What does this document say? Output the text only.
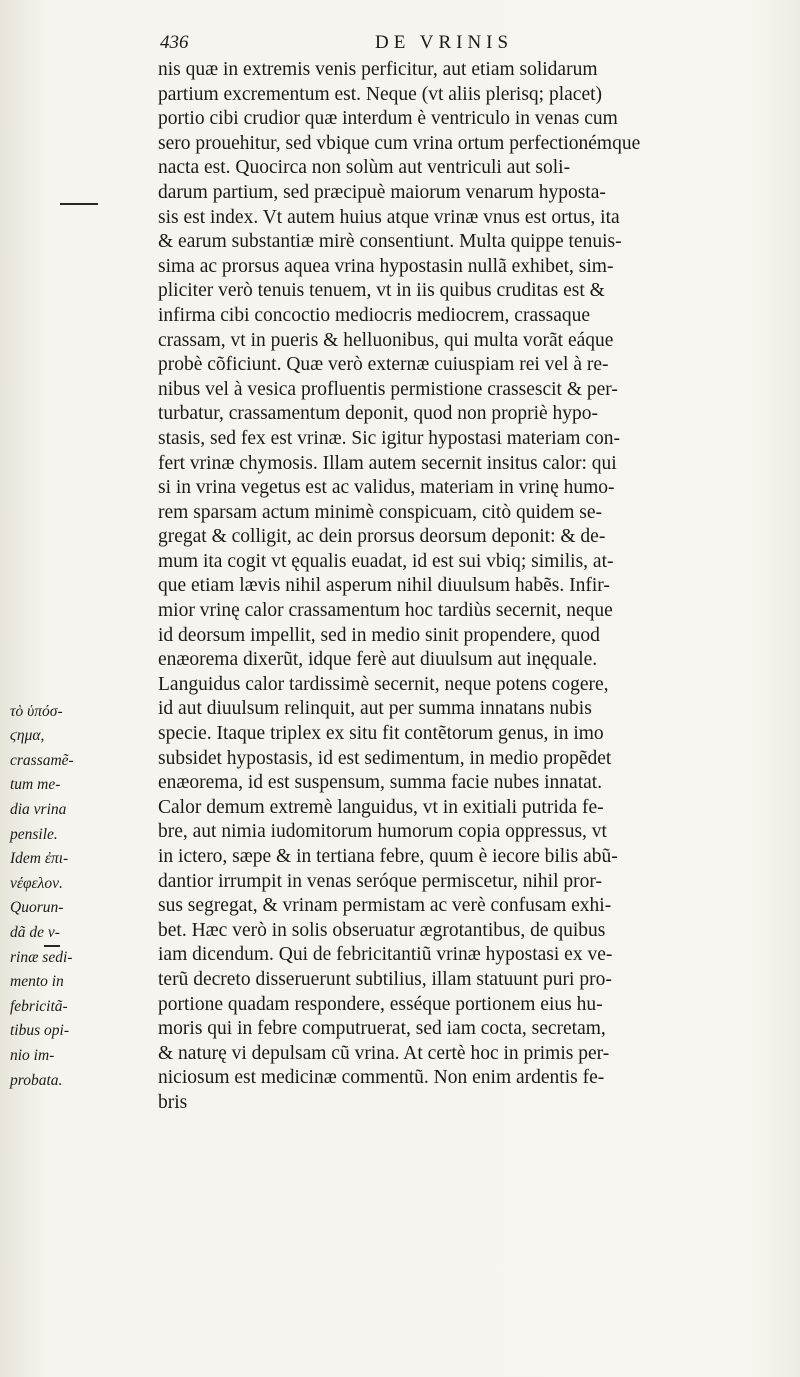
436	DE VRINIS
τὸ ὑπόσ-
ϛημα,
crassamẽ-
tum me-
dia vrina
pensile.
Idem ἐπι-
νέφελον.
Quorun-
dã de v-
rinæ sedi-
mento in
febricitã-
tibus opi-
nio im-
probata.
nis quæ in extremis venis perficitur, aut etiam solidarum
partium excrementum est. Neque (vt aliis plerisq; placet)
portio cibi crudior quæ interdum è ventriculo in venas cum
sero prouehitur, sed vbique cum vrina ortum perfectionémque
nacta est. Quocirca non solùm aut ventriculi aut soli-
darum partium, sed præcipuè maiorum venarum hyposta-
sis est index. Vt autem huius atque vrinæ vnus est ortus, ita
& earum substantiæ mirè consentiunt. Multa quippe tenuis-
sima ac prorsus aquea vrina hypostasin nullã exhibet, sim-
pliciter verò tenuis tenuem, vt in iis quibus cruditas est &
infirma cibi concoctio mediocris mediocrem, crassaque
crassam, vt in pueris & helluonibus, qui multa vorãt eáque
probè cõficiunt. Quæ verò externæ cuiuspiam rei vel à re-
nibus vel à vesica profluentis permistione crassescit & per-
turbatur, crassamentum deponit, quod non propriè hypo-
stasis, sed fex est vrinæ. Sic igitur hypostasi materiam con-
fert vrinæ chymosis. Illam autem secernit insitus calor: qui
si in vrina vegetus est ac validus, materiam in vrinę humo-
rem sparsam actum minimè conspicuam, citò quidem se-
gregat & colligit, ac dein prorsus deorsum deponit: & de-
mum ita cogit vt ęqualis euadat, id est sui vbiq; similis, at-
que etiam lævis nihil asperum nihil diuulsum habẽs. Infir-
mior vrinę calor crassamentum hoc tardiùs secernit, neque
id deorsum impellit, sed in medio sinit propendere, quod
enæorema dixerũt, idque ferè aut diuulsum aut inęquale.
Languidus calor tardissimè secernit, neque potens cogere,
id aut diuulsum relinquit, aut per summa innatans nubis
specie. Itaque triplex ex situ fit contẽtorum genus, in imo
subsidet hypostasis, id est sedimentum, in medio propẽdet
enæorema, id est suspensum, summa facie nubes innatat.
Calor demum extremè languidus, vt in exitiali putrida fe-
bre, aut nimia iudomitorum humorum copia oppressus, vt
in ictero, sæpe & in tertiana febre, quum è iecore bilis abũ-
dantior irrumpit in venas seróque permiscetur, nihil pror-
sus segregat, & vrinam permistam ac verè confusam exhi-
bet. Hæc verò in solis obseruatur ægrotantibus, de quibus
iam dicendum. Qui de febricitantiũ vrinæ hypostasi ex ve-
terũ decreto disseruerunt subtilius, illam statuunt puri pro-
portione quadam respondere, esséque portionem eius hu-
moris qui in febre computruerat, sed iam cocta, secretam,
& naturę vi depulsam cũ vrina. At certè hoc in primis per-
niciosum est medicinæ commentũ. Non enim ardentis fe-
bris
